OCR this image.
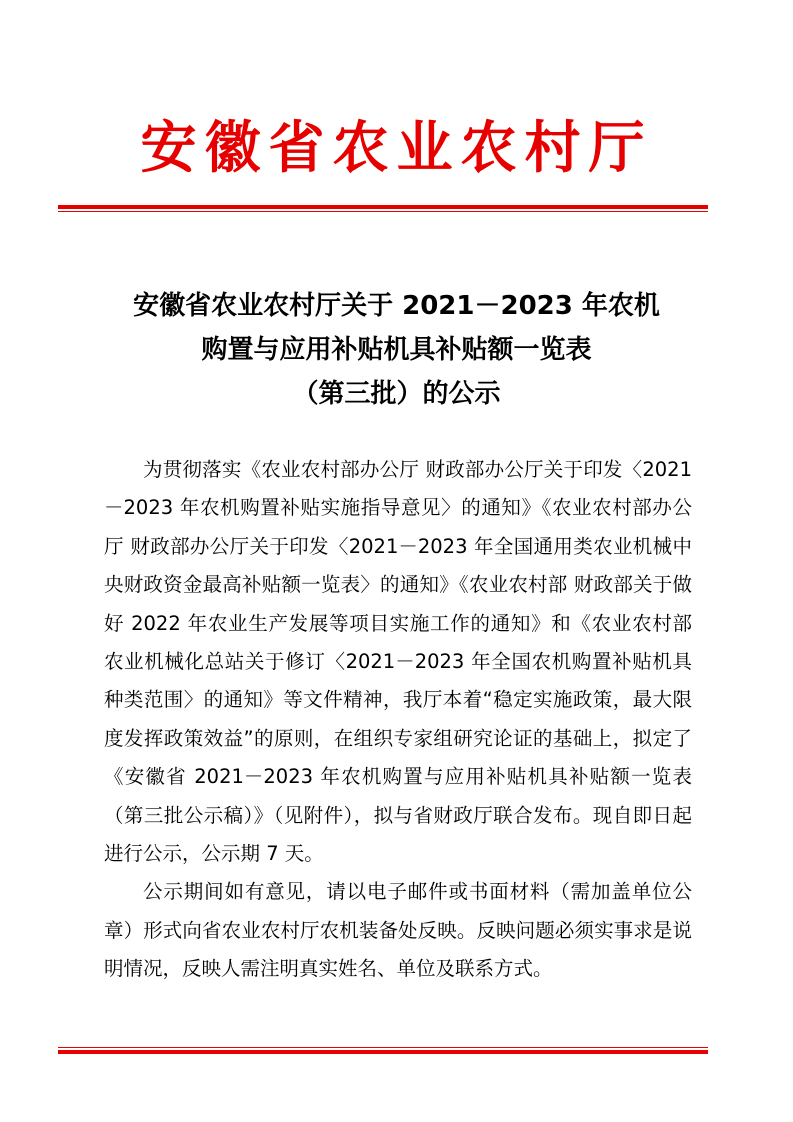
安徽省农业农村厅
安徽省农业农村厅关于 2021－2023 年农机
购置与应用补贴机具补贴额一览表
（第三批）的公示

为贯彻落实《农业农村部办公厅 财政部办公厅关于印发〈2021－2023 年农机购置补贴实施指导意见〉的通知》《农业农村部办公厅 财政部办公厅关于印发〈2021－2023 年全国通用类农业机械中央财政资金最高补贴额一览表〉的通知》《农业农村部 财政部关于做好 2022 年农业生产发展等项目实施工作的通知》和《农业农村部农业机械化总站关于修订〈2021－2023 年全国农机购置补贴机具种类范围〉的通知》等文件精神，我厅本着“稳定实施政策，最大限度发挥政策效益”的原则，在组织专家组研究论证的基础上，拟定了《安徽省 2021－2023 年农机购置与应用补贴机具补贴额一览表（第三批公示稿）》（见附件），拟与省财政厅联合发布。现自即日起进行公示，公示期 7 天。

公示期间如有意见，请以电子邮件或书面材料（需加盖单位公章）形式向省农业农村厅农机装备处反映。反映问题必须实事求是说明情况，反映人需注明真实姓名、单位及联系方式。
